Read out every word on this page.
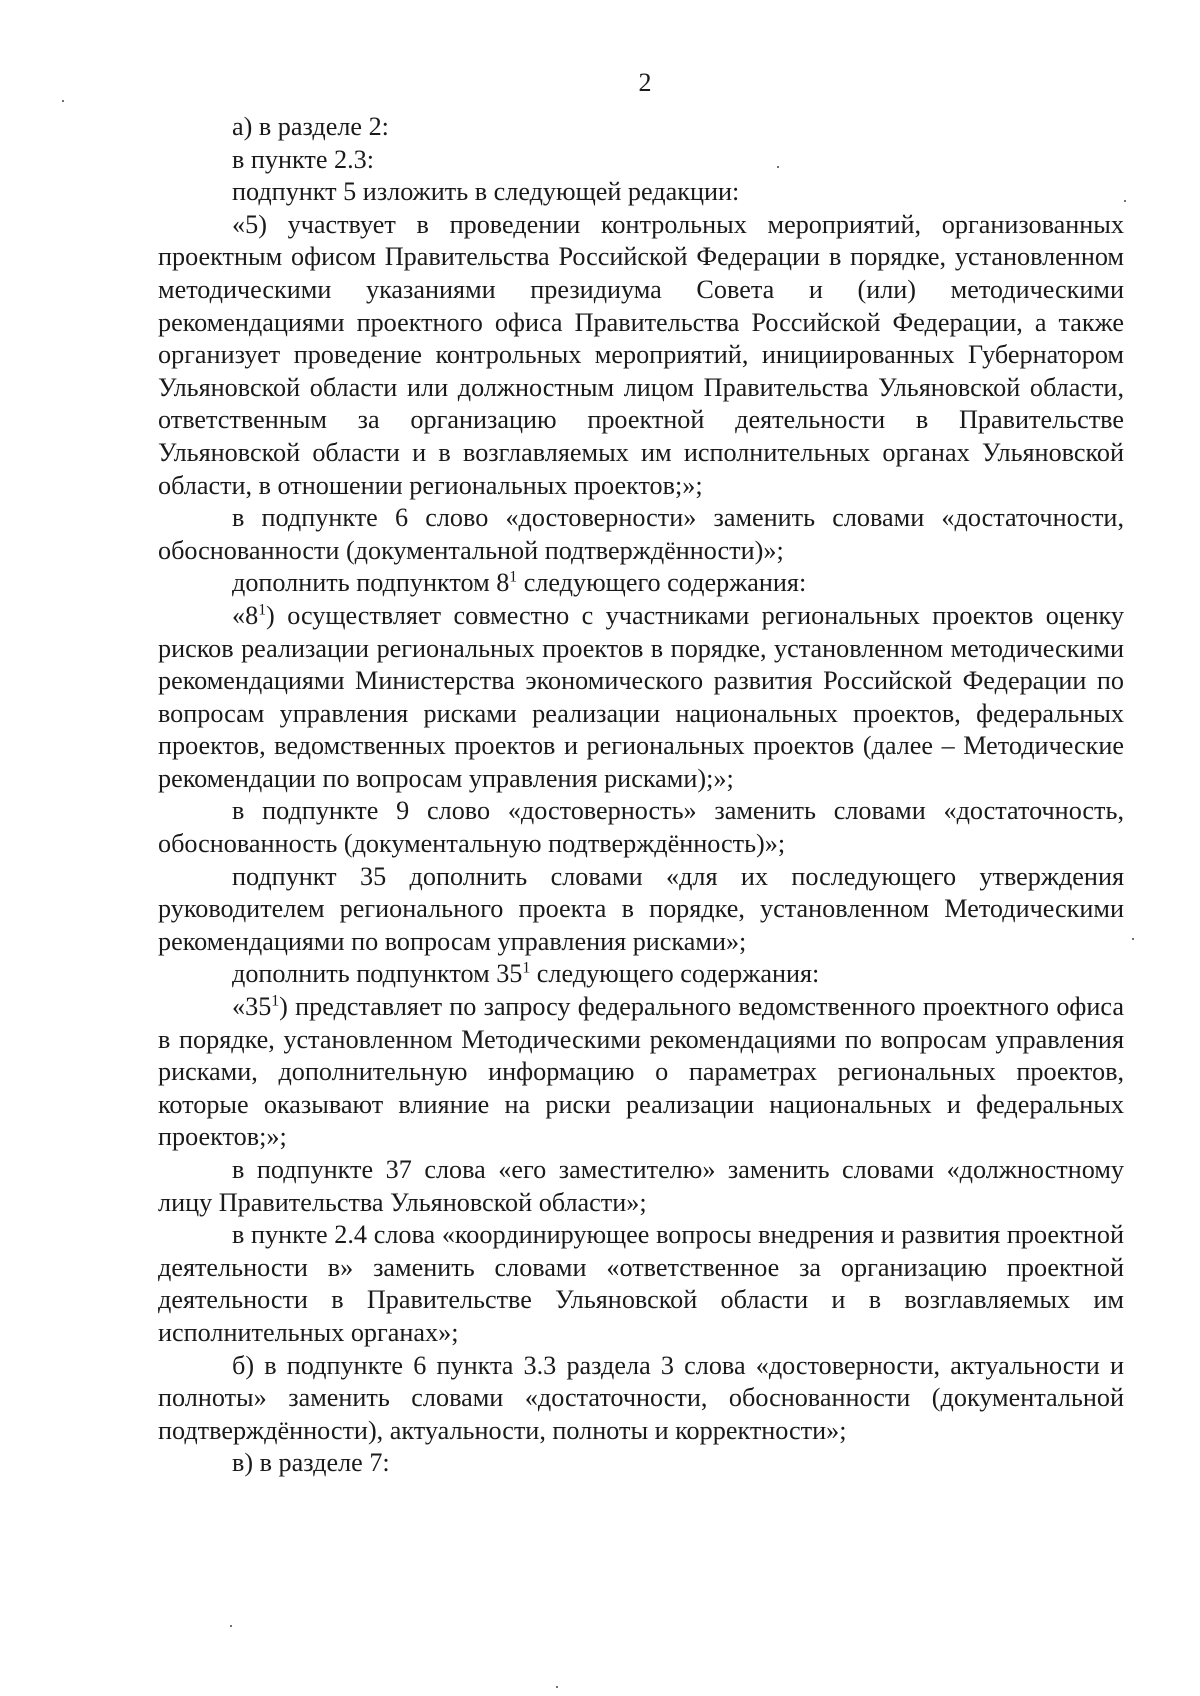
2

а) в разделе 2:

в пункте 2.3:

подпункт 5 изложить в следующей редакции:

«5) участвует в проведении контрольных мероприятий, организованных проектным офисом Правительства Российской Федерации в порядке, установленном методическими указаниями президиума Совета и (или) методическими рекомендациями проектного офиса Правительства Российской Федерации, а также организует проведение контрольных мероприятий, инициированных Губернатором Ульяновской области или должностным лицом Правительства Ульяновской области, ответственным за организацию проектной деятельности в Правительстве Ульяновской области и в возглавляемых им исполнительных органах Ульяновской области, в отношении региональных проектов;»;

в подпункте 6 слово «достоверности» заменить словами «достаточности, обоснованности (документальной подтверждённости)»;

дополнить подпунктом $8^1$ следующего содержания:

«$8^1$) осуществляет совместно с участниками региональных проектов оценку рисков реализации региональных проектов в порядке, установленном методическими рекомендациями Министерства экономического развития Российской Федерации по вопросам управления рисками реализации национальных проектов, федеральных проектов, ведомственных проектов и региональных проектов (далее – Методические рекомендации по вопросам управления рисками);»;

в подпункте 9 слово «достоверность» заменить словами «достаточность, обоснованность (документальную подтверждённость)»;

подпункт 35 дополнить словами «для их последующего утверждения руководителем регионального проекта в порядке, установленном Методическими рекомендациями по вопросам управления рисками»;

дополнить подпунктом $35^1$ следующего содержания:

«$35^1$) представляет по запросу федерального ведомственного проектного офиса в порядке, установленном Методическими рекомендациями по вопросам управления рисками, дополнительную информацию о параметрах региональных проектов, которые оказывают влияние на риски реализации национальных и федеральных проектов;»;

в подпункте 37 слова «его заместителю» заменить словами «должностному лицу Правительства Ульяновской области»;

в пункте 2.4 слова «координирующее вопросы внедрения и развития проектной деятельности в» заменить словами «ответственное за организацию проектной деятельности в Правительстве Ульяновской области и в возглавляемых им исполнительных органах»;

б) в подпункте 6 пункта 3.3 раздела 3 слова «достоверности, актуальности и полноты» заменить словами «достаточности, обоснованности (документальной подтверждённости), актуальности, полноты и корректности»;

в) в разделе 7:
